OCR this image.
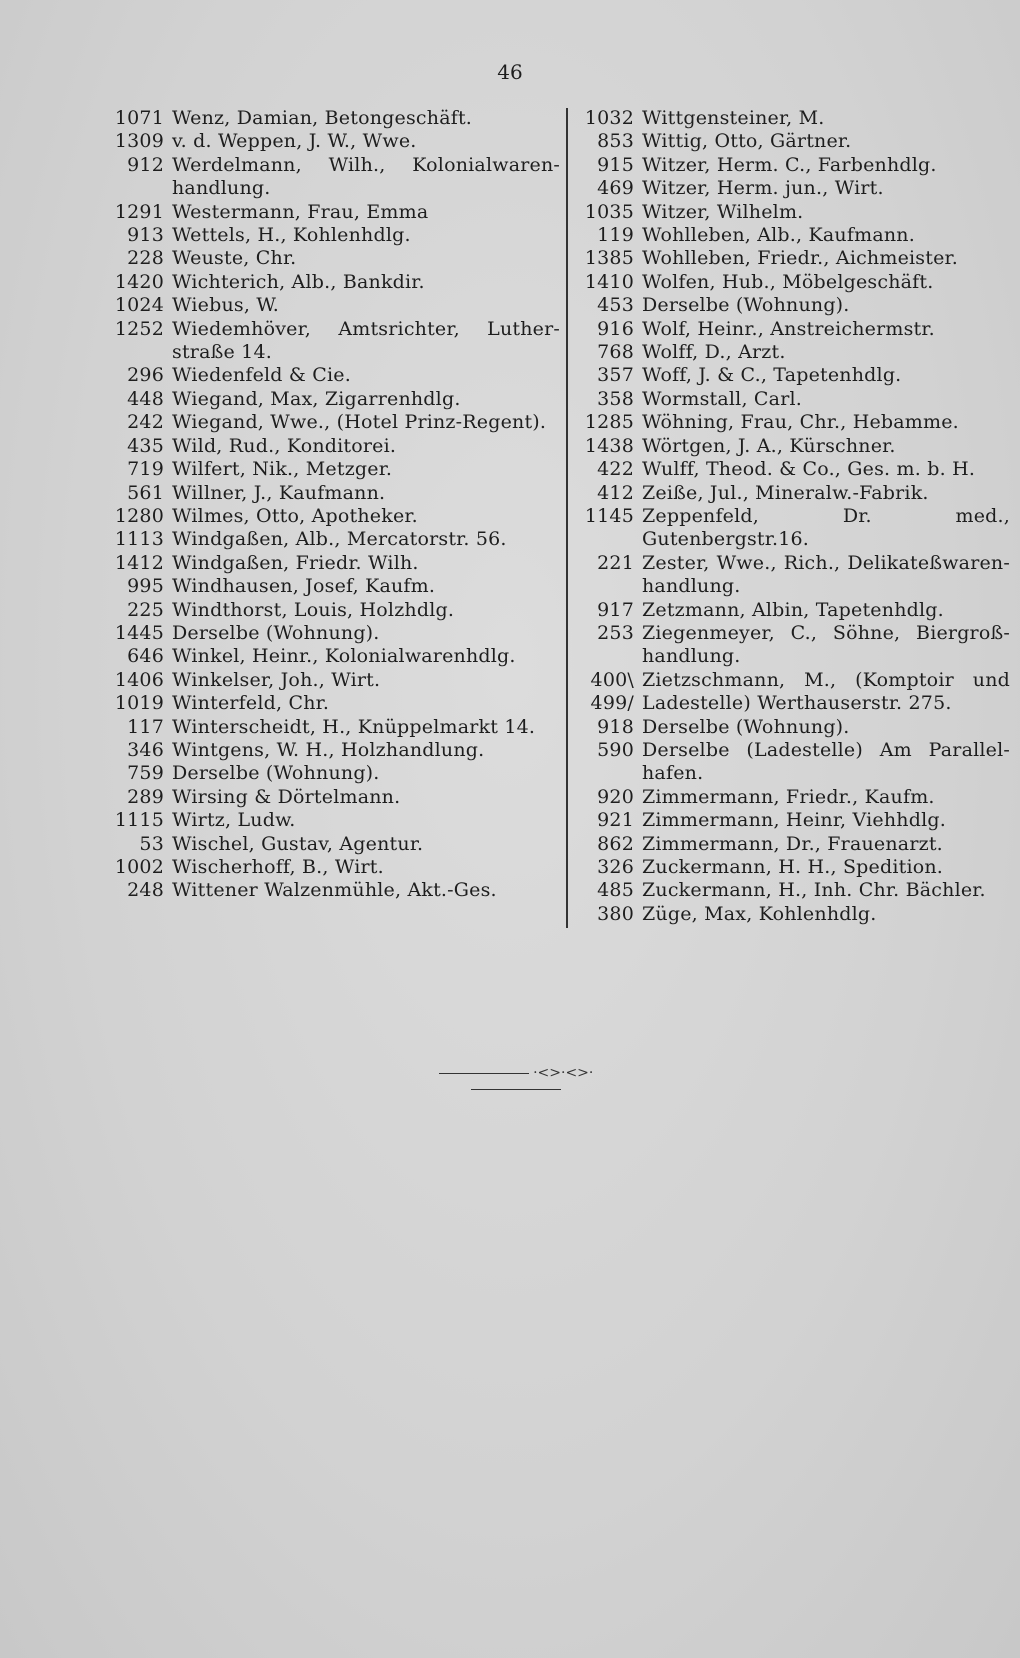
46
1071 Wenz, Damian, Betongeschäft.
1309 v. d. Weppen, J. W., Wwe.
912 Werdelmann, Wilh., Kolonialwaren-handlung.
1291 Westermann, Frau, Emma
913 Wettels, H., Kohlenhdlg.
228 Weuste, Chr.
1420 Wichterich, Alb., Bankdir.
1024 Wiebus, W.
1252 Wiedemhöver, Amtsrichter, Luther-straße 14.
296 Wiedenfeld & Cie.
448 Wiegand, Max, Zigarrenhdlg.
242 Wiegand, Wwe., (Hotel Prinz-Regent).
435 Wild, Rud., Konditorei.
719 Wilfert, Nik., Metzger.
561 Willner, J., Kaufmann.
1280 Wilmes, Otto, Apotheker.
1113 Windgaßen, Alb., Mercatorstr. 56.
1412 Windgaßen, Friedr. Wilh.
995 Windhausen, Josef, Kaufm.
225 Windthorst, Louis, Holzhdlg.
1445 Derselbe (Wohnung).
646 Winkel, Heinr., Kolonialwarenhdlg.
1406 Winkelser, Joh., Wirt.
1019 Winterfeld, Chr.
117 Winterscheidt, H., Knüppelmarkt 14.
346 Wintgens, W. H., Holzhandlung.
759 Derselbe (Wohnung).
289 Wirsing & Dörtelmann.
1115 Wirtz, Ludw.
53 Wischel, Gustav, Agentur.
1002 Wischerhoff, B., Wirt.
248 Wittener Walzenmühle, Akt.-Ges.
1032 Wittgensteiner, M.
853 Wittig, Otto, Gärtner.
915 Witzer, Herm. C., Farbenhdlg.
469 Witzer, Herm. jun., Wirt.
1035 Witzer, Wilhelm.
119 Wohlleben, Alb., Kaufmann.
1385 Wohlleben, Friedr., Aichmeister.
1410 Wolfen, Hub., Möbelgeschäft.
453 Derselbe (Wohnung).
916 Wolf, Heinr., Anstreichermstr.
768 Wolff, D., Arzt.
357 Woff, J. & C., Tapetenhdlg.
358 Wormstall, Carl.
1285 Wöhning, Frau, Chr., Hebamme.
1438 Wörtgen, J. A., Kürschner.
422 Wulff, Theod. & Co., Ges. m. b. H.
412 Zeiße, Jul., Mineralw.-Fabrik.
1145 Zeppenfeld, Dr. med., Gutenbergstr.16.
221 Zester, Wwe., Rich., Delikateßwaren-handlung.
917 Zetzmann, Albin, Tapetenhdlg.
253 Ziegenmeyer, C., Söhne, Biergroß-handlung.
400\ 499/
Zietzschmann, M., (Komptoir und Ladestelle) Werthauserstr. 275.
918 Derselbe (Wohnung).
590 Derselbe (Ladestelle) Am Parallel-hafen.
920 Zimmermann, Friedr., Kaufm.
921 Zimmermann, Heinr, Viehhdlg.
862 Zimmermann, Dr., Frauenarzt.
326 Zuckermann, H. H., Spedition.
485 Zuckermann, H., Inh. Chr. Bächler.
380 Züge, Max, Kohlenhdlg.
·<>·<>·
